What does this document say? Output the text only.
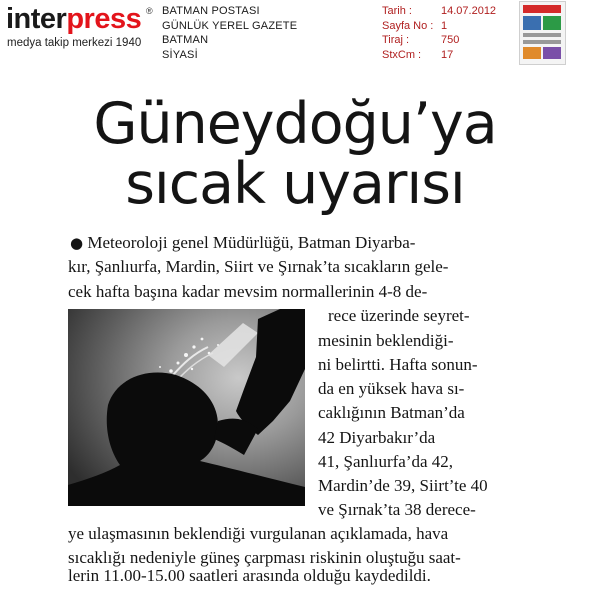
interpress ®
medya takip merkezi 1940
BATMAN POSTASI
GÜNLÜK YEREL GAZETE
BATMAN
SİYASİ
Tarih :	14.07.2012
Sayfa No : 1
Tiraj :	750
StxCm :	17
Güneydoğu’ya
sıcak uyarısı
● Meteoroloji genel Müdürlüğü, Batman Diyarba-
kır, Şanlıurfa, Mardin, Siirt ve Şırnak’ta sıcakların gele-
cek hafta başına kadar mevsim normallerinin 4-8 de-
rece üzerinde seyret-
mesinin beklendiği-
ni belirtti. Hafta sonun-
da en yüksek hava sı-
caklığının Batman’da
42 Diyarbakır’da
41, Şanlıurfa’da 42,
Mardin’de 39, Siirt’te 40
ve Şırnak’ta 38 derece-
ye ulaşmasının beklendiği vurgulanan açıklamada, hava
sıcaklığı nedeniyle güneş çarpması riskinin oluştuğu saat-
lerin 11.00-15.00 saatleri arasında olduğu kaydedildi.
